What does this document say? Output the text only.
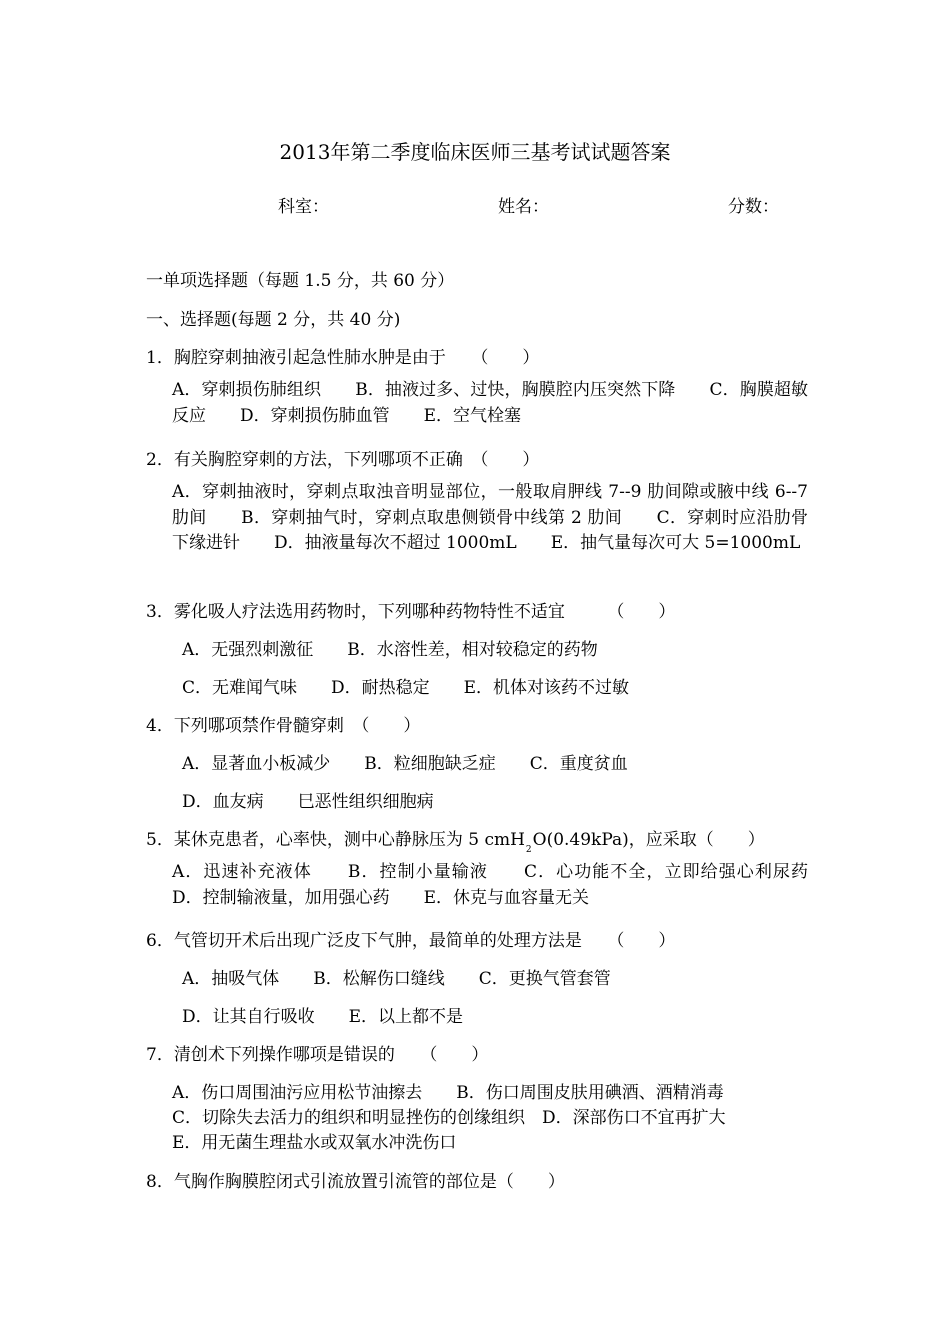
2013年第二季度临床医师三基考试试题答案
科室：	姓名：	分数：
一单项选择题（每题 1.5 分，共 60 分）
一、选择题(每题 2 分，共 40 分)
1．胸腔穿刺抽液引起急性肺水肿是由于　　（　　）
A．穿刺损伤肺组织　　B．抽液过多、过快，胸膜腔内压突然下降　　C．胸膜超敏反应　　D．穿刺损伤肺血管　　E．空气栓塞
2．有关胸腔穿刺的方法，下列哪项不正确　（　　）
A．穿刺抽液时，穿刺点取浊音明显部位，一般取肩胛线 7--9 肋间隙或腋中线 6--7 肋间　　B．穿刺抽气时，穿刺点取患侧锁骨中线第 2 肋间　　C．穿刺时应沿肋骨下缘进针　　D．抽液量每次不超过 1000mL　　E．抽气量每次可大 5=1000mL
3．雾化吸人疗法选用药物时，下列哪种药物特性不适宜　　　（　　）
A．无强烈刺激征　　B．水溶性差，相对较稳定的药物
C．无难闻气味　　D．耐热稳定　　E．机体对该药不过敏
4．下列哪项禁作骨髓穿刺　（　　）
A．显著血小板减少　　B．粒细胞缺乏症　　C．重度贫血
D．血友病　　巳恶性组织细胞病
5．某休克患者，心率快，测中心静脉压为 5 cmH$_2$O(0.49kPa)，应采取（　　）
A．迅速补充液体　　B．控制小量输液　　C．心功能不全，立即给强心利尿药　　D．控制输液量，加用强心药　　E．休克与血容量无关
6．气管切开术后出现广泛皮下气肿，最简单的处理方法是　　（　　）
A．抽吸气体　　B．松解伤口缝线　　C．更换气管套管
D．让其自行吸收　　E．以上都不是
7．清创术下列操作哪项是错误的　　（　　）
A．伤口周围油污应用松节油擦去　　B．伤口周围皮肤用碘酒、酒精消毒
C．切除失去活力的组织和明显挫伤的创缘组织　D．深部伤口不宜再扩大
E．用无菌生理盐水或双氧水冲洗伤口
8．气胸作胸膜腔闭式引流放置引流管的部位是（　　）
